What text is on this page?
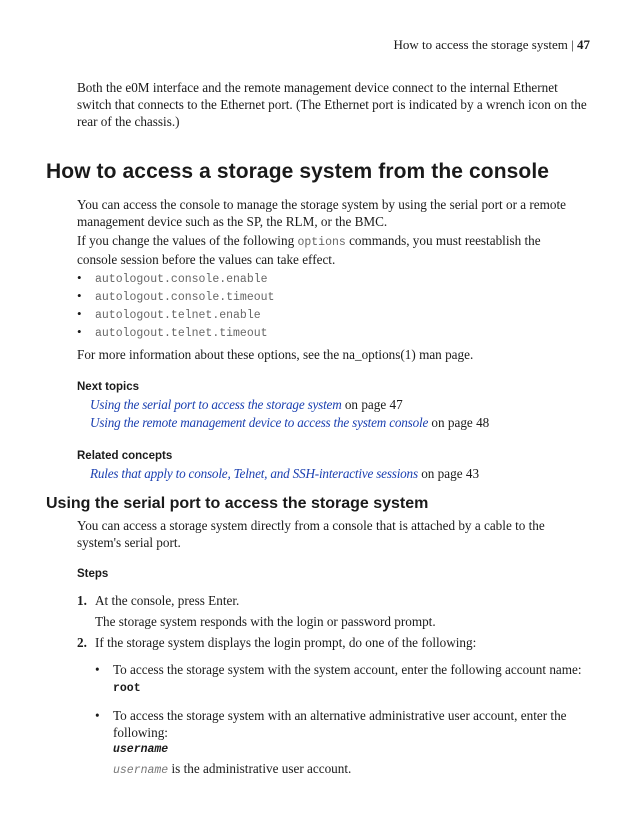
How to access the storage system | 47

Both the e0M interface and the remote management device connect to the internal Ethernet switch that connects to the Ethernet port. (The Ethernet port is indicated by a wrench icon on the rear of the chassis.)

How to access a storage system from the console

You can access the console to manage the storage system by using the serial port or a remote management device such as the SP, the RLM, or the BMC.

If you change the values of the following options commands, you must reestablish the console session before the values can take effect.

• autologout.console.enable
• autologout.console.timeout
• autologout.telnet.enable
• autologout.telnet.timeout

For more information about these options, see the na_options(1) man page.

Next topics

Using the serial port to access the storage system on page 47
Using the remote management device to access the system console on page 48

Related concepts

Rules that apply to console, Telnet, and SSH-interactive sessions on page 43
Using the serial port to access the storage system

You can access a storage system directly from a console that is attached by a cable to the system's serial port.

Steps

1. At the console, press Enter.
The storage system responds with the login or password prompt.
2. If the storage system displays the login prompt, do one of the following:
• To access the storage system with the system account, enter the following account name:
root
• To access the storage system with an alternative administrative user account, enter the following:
username
username is the administrative user account.
